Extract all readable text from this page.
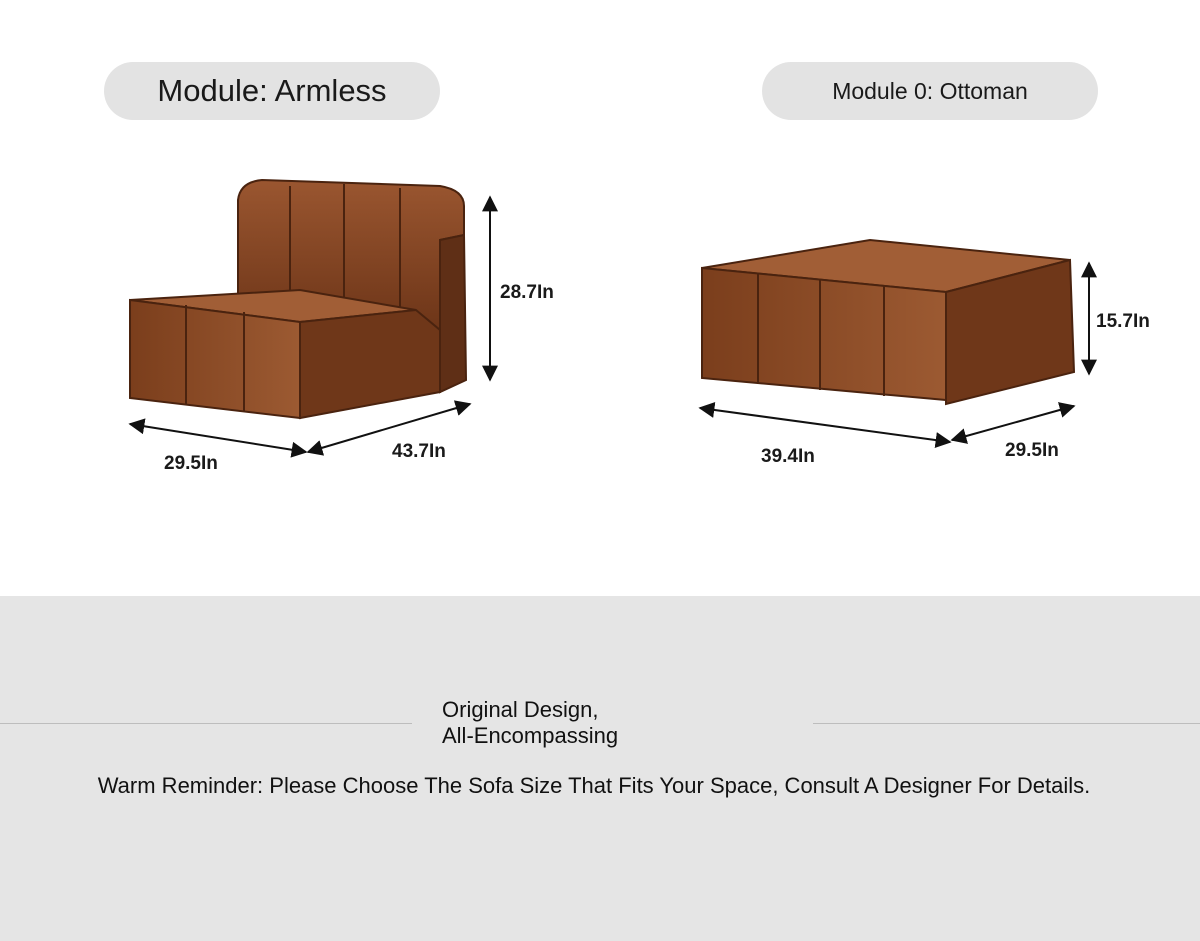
Module: Armless	Module 0: Ottoman
28.7In
29.5In
43.7In
15.7In
39.4In	29.5In
Original Design,
All-Encompassing
Warm Reminder: Please Choose The Sofa Size That Fits Your Space, Consult A Designer For Details.
